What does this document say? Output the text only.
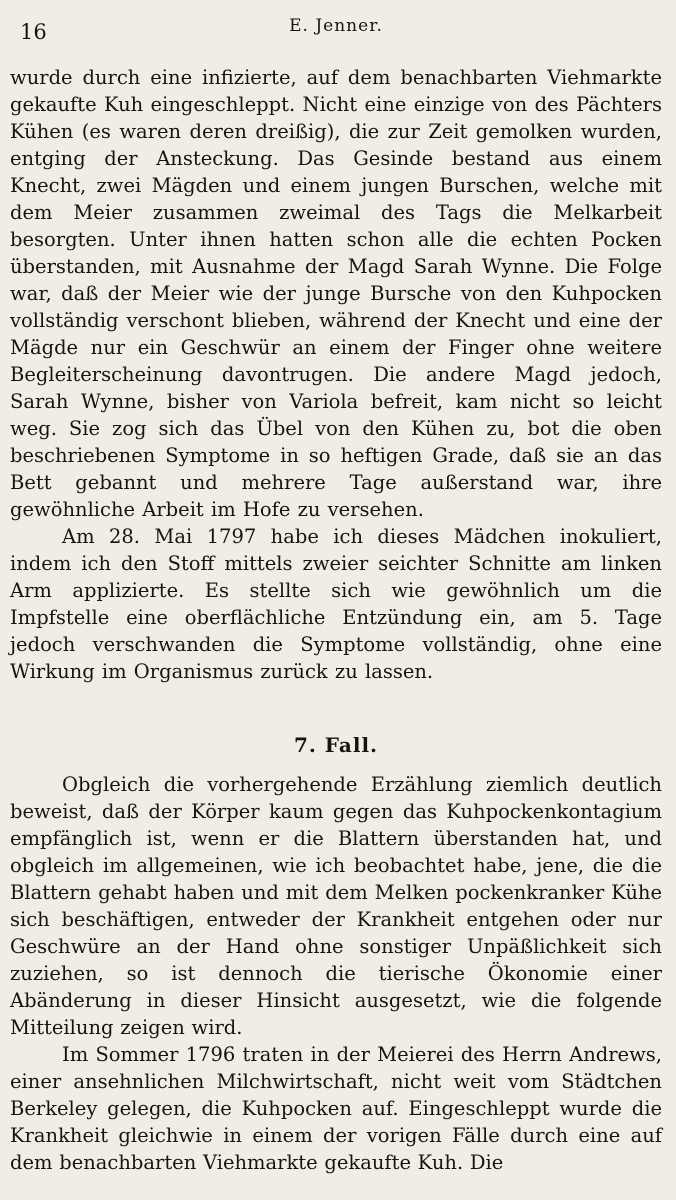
16	E. Jenner.

wurde durch eine infizierte, auf dem benachbarten Viehmarkte gekaufte Kuh eingeschleppt. Nicht eine einzige von des Pächters Kühen (es waren deren dreißig), die zur Zeit gemolken wurden, entging der Ansteckung. Das Gesinde bestand aus einem Knecht, zwei Mägden und einem jungen Burschen, welche mit dem Meier zusammen zweimal des Tags die Melkarbeit besorgten. Unter ihnen hatten schon alle die echten Pocken überstanden, mit Ausnahme der Magd Sarah Wynne. Die Folge war, daß der Meier wie der junge Bursche von den Kuhpocken vollständig verschont blieben, während der Knecht und eine der Mägde nur ein Geschwür an einem der Finger ohne weitere Begleiterscheinung davontrugen. Die andere Magd jedoch, Sarah Wynne, bisher von Variola befreit, kam nicht so leicht weg. Sie zog sich das Übel von den Kühen zu, bot die oben beschriebenen Symptome in so heftigen Grade, daß sie an das Bett gebannt und mehrere Tage außerstand war, ihre gewöhnliche Arbeit im Hofe zu versehen.

Am 28. Mai 1797 habe ich dieses Mädchen inokuliert, indem ich den Stoff mittels zweier seichter Schnitte am linken Arm applizierte. Es stellte sich wie gewöhnlich um die Impfstelle eine oberflächliche Entzündung ein, am 5. Tage jedoch verschwanden die Symptome vollständig, ohne eine Wirkung im Organismus zurück zu lassen.

7. Fall.

Obgleich die vorhergehende Erzählung ziemlich deutlich beweist, daß der Körper kaum gegen das Kuhpockenkontagium empfänglich ist, wenn er die Blattern überstanden hat, und obgleich im allgemeinen, wie ich beobachtet habe, jene, die die Blattern gehabt haben und mit dem Melken pockenkranker Kühe sich beschäftigen, entweder der Krankheit entgehen oder nur Geschwüre an der Hand ohne sonstiger Unpäßlichkeit sich zuziehen, so ist dennoch die tierische Ökonomie einer Abänderung in dieser Hinsicht ausgesetzt, wie die folgende Mitteilung zeigen wird.

Im Sommer 1796 traten in der Meierei des Herrn Andrews, einer ansehnlichen Milchwirtschaft, nicht weit vom Städtchen Berkeley gelegen, die Kuhpocken auf. Eingeschleppt wurde die Krankheit gleichwie in einem der vorigen Fälle durch eine auf dem benachbarten Viehmarkte gekaufte Kuh. Die
